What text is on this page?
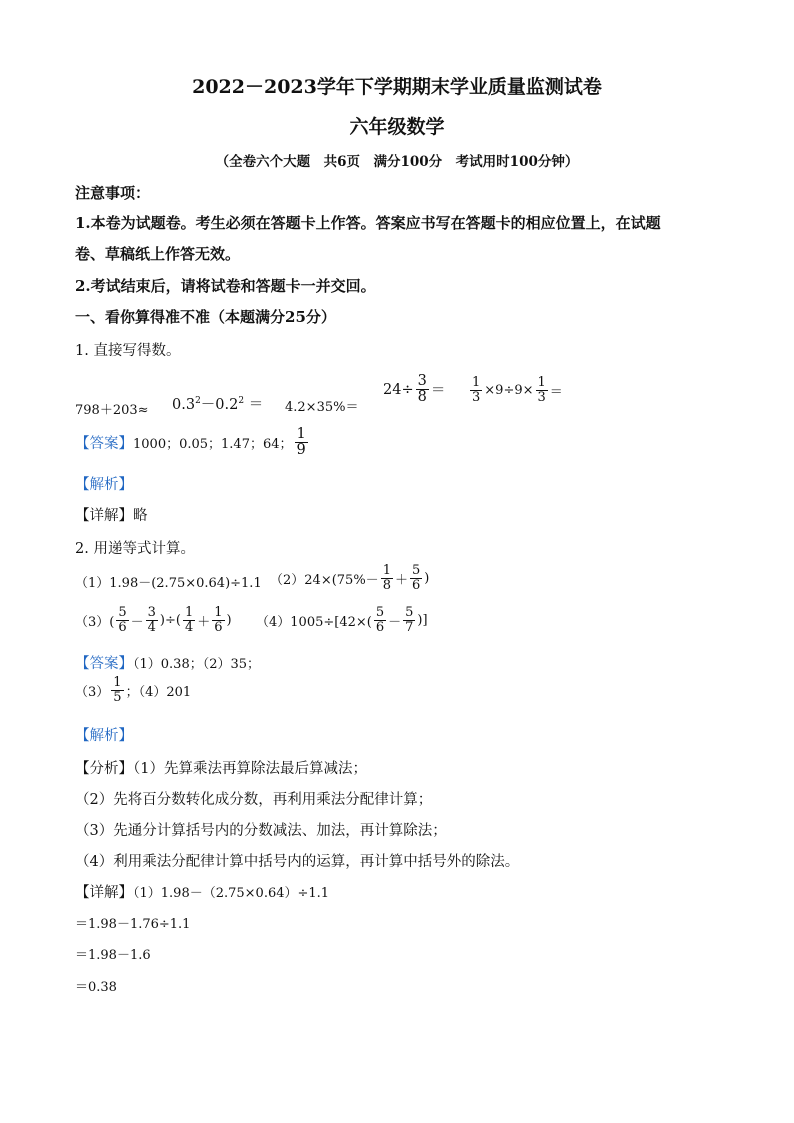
2022－2023学年下学期期末学业质量监测试卷
六年级数学
（全卷六个大题　共6页　满分100分　考试用时100分钟）
注意事项：
1.本卷为试题卷。考生必须在答题卡上作答。答案应书写在答题卡的相应位置上，在试题
卷、草稿纸上作答无效。
2.考试结束后，请将试卷和答题卡一并交回。
一、看你算得准不准（本题满分25分）
1. 直接写得数。
$798+203\approx 0.3^2-0.2^2 = 4.2\times 35\%=$
$24\div \frac{3}{8} = \frac{1}{3} \times 9\div 9\times \frac{1}{3}$ ＝
【答案】 1000；0.05；1.47；64； $\frac{1}{9}$
【解析】
【详解】略
2. 用递等式计算。
（1）1.98－(2.75×0.64)÷1.1 $(2)24\times(75\%- \frac{1}{8} + \frac{5}{6}$ )
$(3)( \frac{5}{6} - \frac{3}{4}$ )÷( $\frac{1}{4} + \frac{1}{6}$ ) $(4)1005\div[42\times( \frac{5}{6} - \frac{5}{7}$ )]
【答案】（1）0.38；（2）35；
$(3) \frac{1}{5}$ ；（4）201
【解析】
【分析】（1）先算乘法再算除法最后算减法；
（2）先将百分数转化成分数，再利用乘法分配律计算；
（3）先通分计算括号内的分数减法、加法，再计算除法；
（4）利用乘法分配律计算中括号内的运算，再计算中括号外的除法。
【详解】（1）1.98－（2.75×0.64）÷1.1
＝1.98－1.76÷1.1
＝1.98－1.6
＝0.38
